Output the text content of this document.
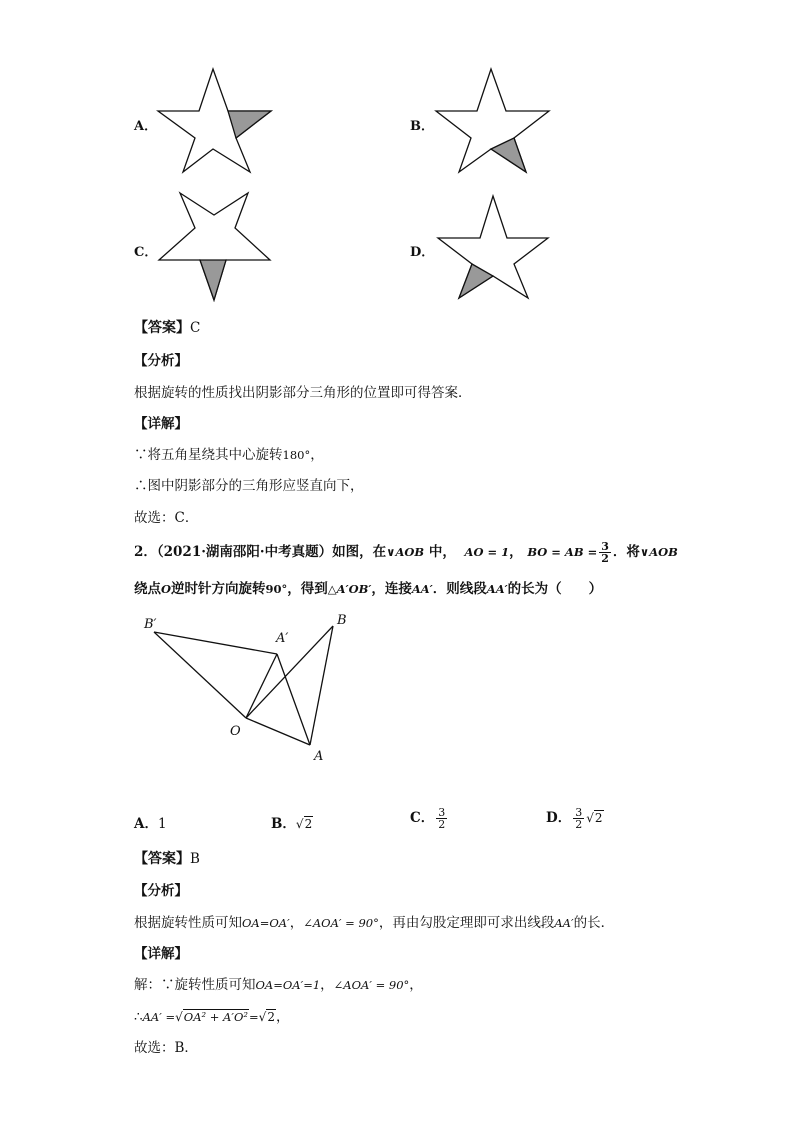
A．	B．
C．	D．
【答案】C
【分析】
根据旋转的性质找出阴影部分三角形的位置即可得答案．
【详解】
∵将五角星绕其中心旋转180°，
∴图中阴影部分的三角形应竖直向下，
故选：C．
2．（2021·湖南邵阳·中考真题）如图，在∨AOB 中， AO = 1， BO = AB = $\frac{3}{2}$ ．将∨AOB
绕点O逆时针方向旋转90°，得到△A′OB′，连接AA′．则线段AA′的长为（　　）
B′
A′
B
O
A
A．1	B．√2	C． $\frac{3}{2}$	D． $\frac{3}{2} √2$
【答案】B
【分析】
根据旋转性质可知OA=OA′，∠AOA′ = 90°，再由勾股定理即可求出线段AA′的长．
【详解】
解：∵旋转性质可知OA=OA′=1，∠AOA′ = 90°，
∴AA′ =√OA² + A′O²=√2，
故选：B．
